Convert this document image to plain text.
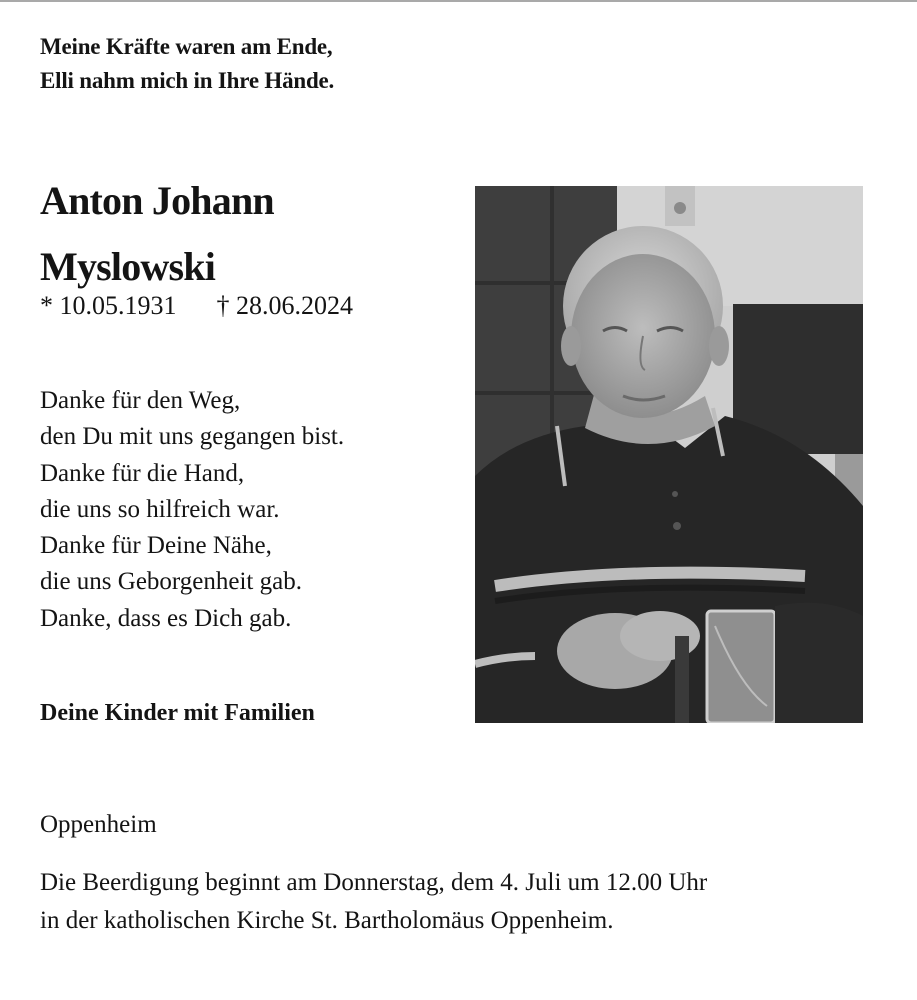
Meine Kräfte waren am Ende,
Elli nahm mich in Ihre Hände.
Anton Johann
Myslowski
* 10.05.1931 † 28.06.2024
Danke für den Weg,
den Du mit uns gegangen bist.
Danke für die Hand,
die uns so hilfreich war.
Danke für Deine Nähe,
die uns Geborgenheit gab.
Danke, dass es Dich gab.
Deine Kinder mit Familien
Oppenheim
Die Beerdigung beginnt am Donnerstag, dem 4. Juli um 12.00 Uhr
in der katholischen Kirche St. Bartholomäus Oppenheim.
